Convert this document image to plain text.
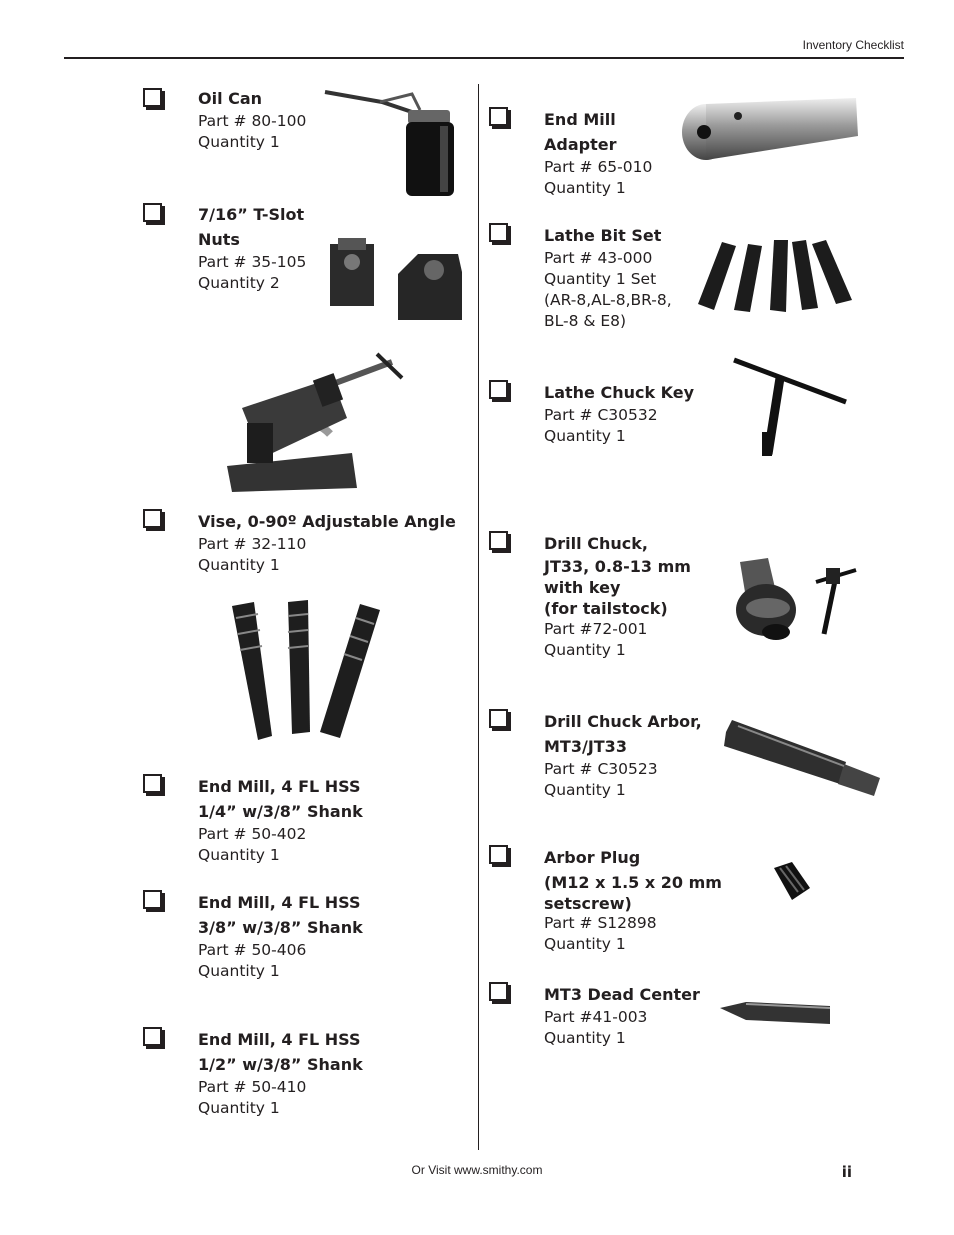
Inventory Checklist
Oil Can
Part # 80-100
Quantity 1
7/16” T-Slot
Nuts
Part # 35-105
Quantity 2
Vise, 0-90º Adjustable Angle
Part # 32-110
Quantity 1
End Mill, 4 FL HSS
1/4” w/3/8” Shank
Part # 50-402
Quantity 1
End Mill, 4 FL HSS
3/8” w/3/8” Shank
Part # 50-406
Quantity 1
End Mill, 4 FL HSS
1/2” w/3/8” Shank
Part # 50-410
Quantity 1
End Mill
Adapter
Part # 65-010
Quantity 1
Lathe Bit Set
Part # 43-000
Quantity 1 Set
(AR-8,AL-8,BR-8,
BL-8 & E8)
Lathe Chuck Key
Part # C30532
Quantity 1
Drill Chuck,
JT33, 0.8-13 mm
with key
(for tailstock)
Part #72-001
Quantity 1
Drill Chuck Arbor,
MT3/JT33
Part # C30523
Quantity 1
Arbor Plug
(M12 x 1.5 x 20 mm
setscrew)
Part # S12898
Quantity 1
MT3 Dead Center
Part #41-003
Quantity 1
Or Visit www.smithy.com	ii
